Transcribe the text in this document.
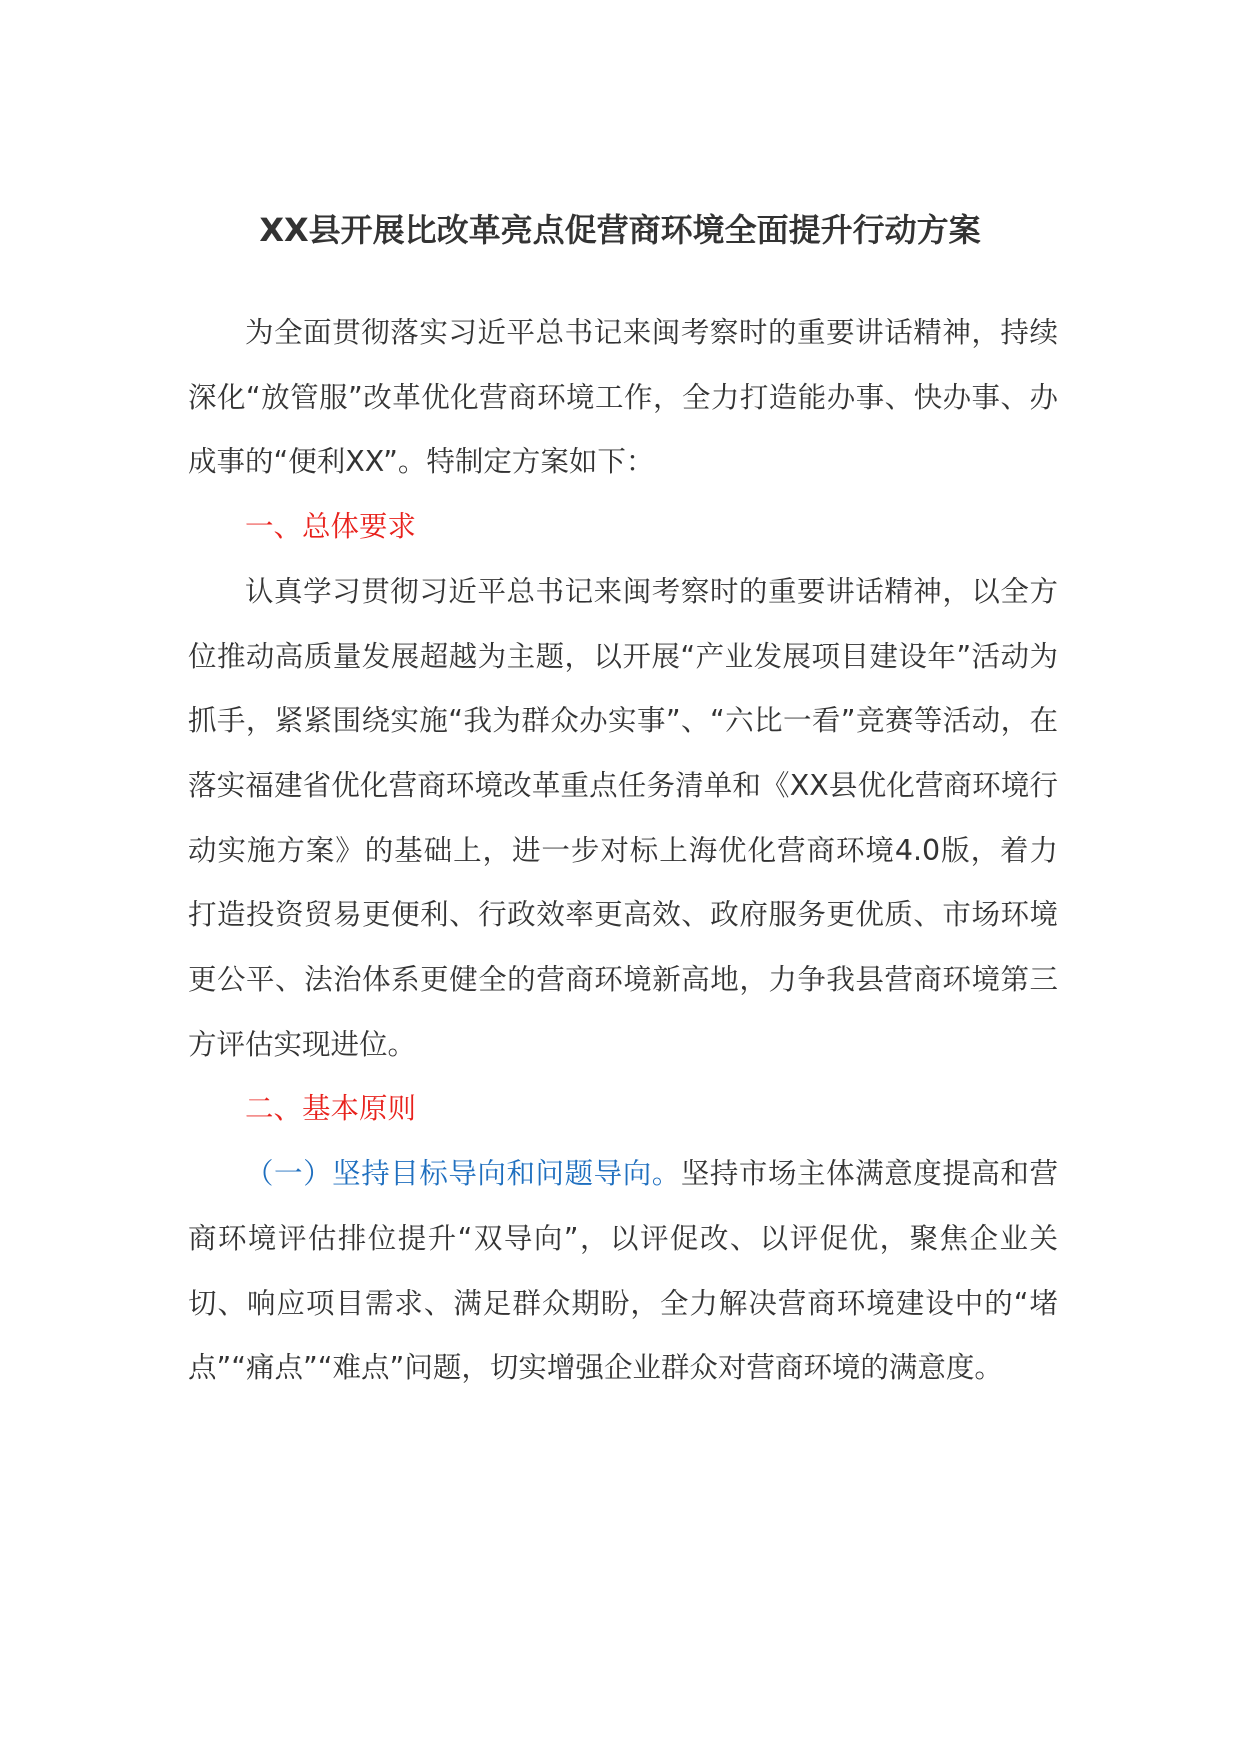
XX县开展比改革亮点促营商环境全面提升行动方案

为全面贯彻落实习近平总书记来闽考察时的重要讲话精神，持续深化“放管服”改革优化营商环境工作，全力打造能办事、快办事、办成事的“便利XX”。特制定方案如下：

一、总体要求

认真学习贯彻习近平总书记来闽考察时的重要讲话精神，以全方位推动高质量发展超越为主题，以开展“产业发展项目建设年”活动为抓手，紧紧围绕实施“我为群众办实事”、“六比一看”竞赛等活动，在落实福建省优化营商环境改革重点任务清单和《XX县优化营商环境行动实施方案》的基础上，进一步对标上海优化营商环境4.0版，着力打造投资贸易更便利、行政效率更高效、政府服务更优质、市场环境更公平、法治体系更健全的营商环境新高地，力争我县营商环境第三方评估实现进位。

二、基本原则

（一）坚持目标导向和问题导向。坚持市场主体满意度提高和营商环境评估排位提升“双导向”，以评促改、以评促优，聚焦企业关切、响应项目需求、满足群众期盼，全力解决营商环境建设中的“堵点”“痛点”“难点”问题，切实增强企业群众对营商环境的满意度。
